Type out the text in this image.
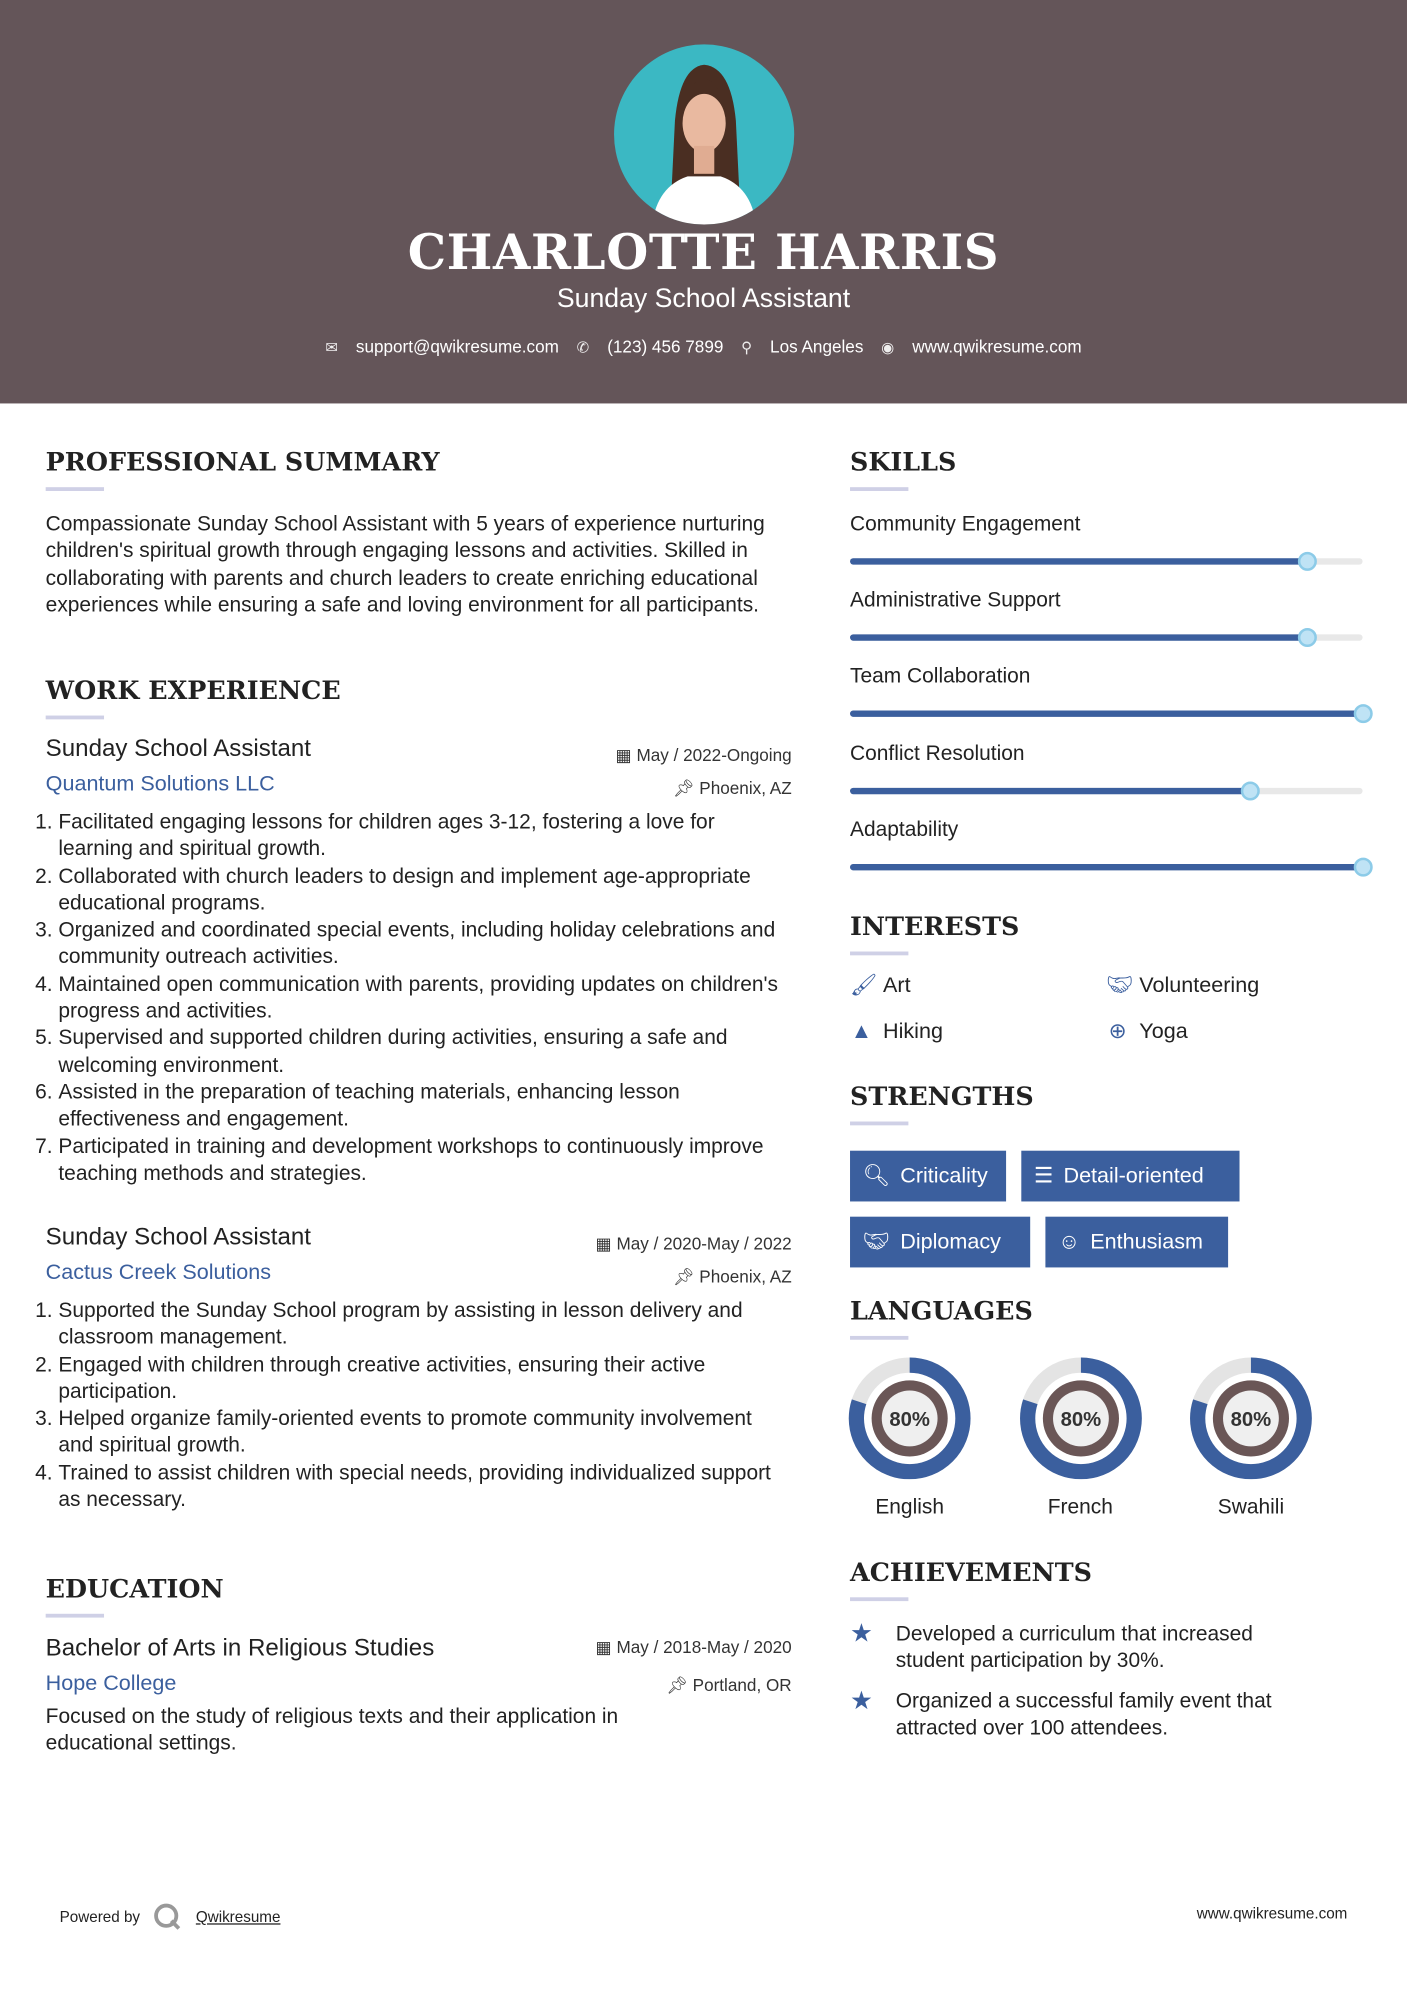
CHARLOTTE HARRIS
Sunday School Assistant
✉ support@qwikresume.com ✆ (123) 456 7899 ⚲ Los Angeles ◉ www.qwikresume.com
PROFESSIONAL SUMMARY
Compassionate Sunday School Assistant with 5 years of experience nurturing children's spiritual growth through engaging lessons and activities. Skilled in collaborating with parents and church leaders to create enriching educational experiences while ensuring a safe and loving environment for all participants.
WORK EXPERIENCE
Sunday School Assistant
Quantum Solutions LLC
▦ May / 2022-Ongoing
📌︎ Phoenix, AZ
1. Facilitated engaging lessons for children ages 3-12, fostering a love for learning and spiritual growth.
2. Collaborated with church leaders to design and implement age-appropriate educational programs.
3. Organized and coordinated special events, including holiday celebrations and community outreach activities.
4. Maintained open communication with parents, providing updates on children's progress and activities.
5. Supervised and supported children during activities, ensuring a safe and welcoming environment.
6. Assisted in the preparation of teaching materials, enhancing lesson effectiveness and engagement.
7. Participated in training and development workshops to continuously improve teaching methods and strategies.
Sunday School Assistant
Cactus Creek Solutions
▦ May / 2020-May / 2022
📌︎ Phoenix, AZ
1. Supported the Sunday School program by assisting in lesson delivery and classroom management.
2. Engaged with children through creative activities, ensuring their active participation.
3. Helped organize family-oriented events to promote community involvement and spiritual growth.
4. Trained to assist children with special needs, providing individualized support as necessary.
EDUCATION
Bachelor of Arts in Religious Studies
Hope College
▦ May / 2018-May / 2020
📌︎ Portland, OR
Focused on the study of religious texts and their application in educational settings.
SKILLS
Community Engagement
Administrative Support
Team Collaboration
Conflict Resolution
Adaptability
INTERESTS
🖌︎ Art	🤝︎ Volunteering
▲ Hiking	⊕ Yoga
STRENGTHS
🔍︎ Criticality	☰ Detail-oriented
🤝︎ Diplomacy	☺ Enthusiasm
LANGUAGES
80%
English
80%
French
80%
Swahili
ACHIEVEMENTS
★	Developed a curriculum that increased student participation by 30%.
★	Organized a successful family event that attracted over 100 attendees.
Powered by	Qwikresume	www.qwikresume.com
